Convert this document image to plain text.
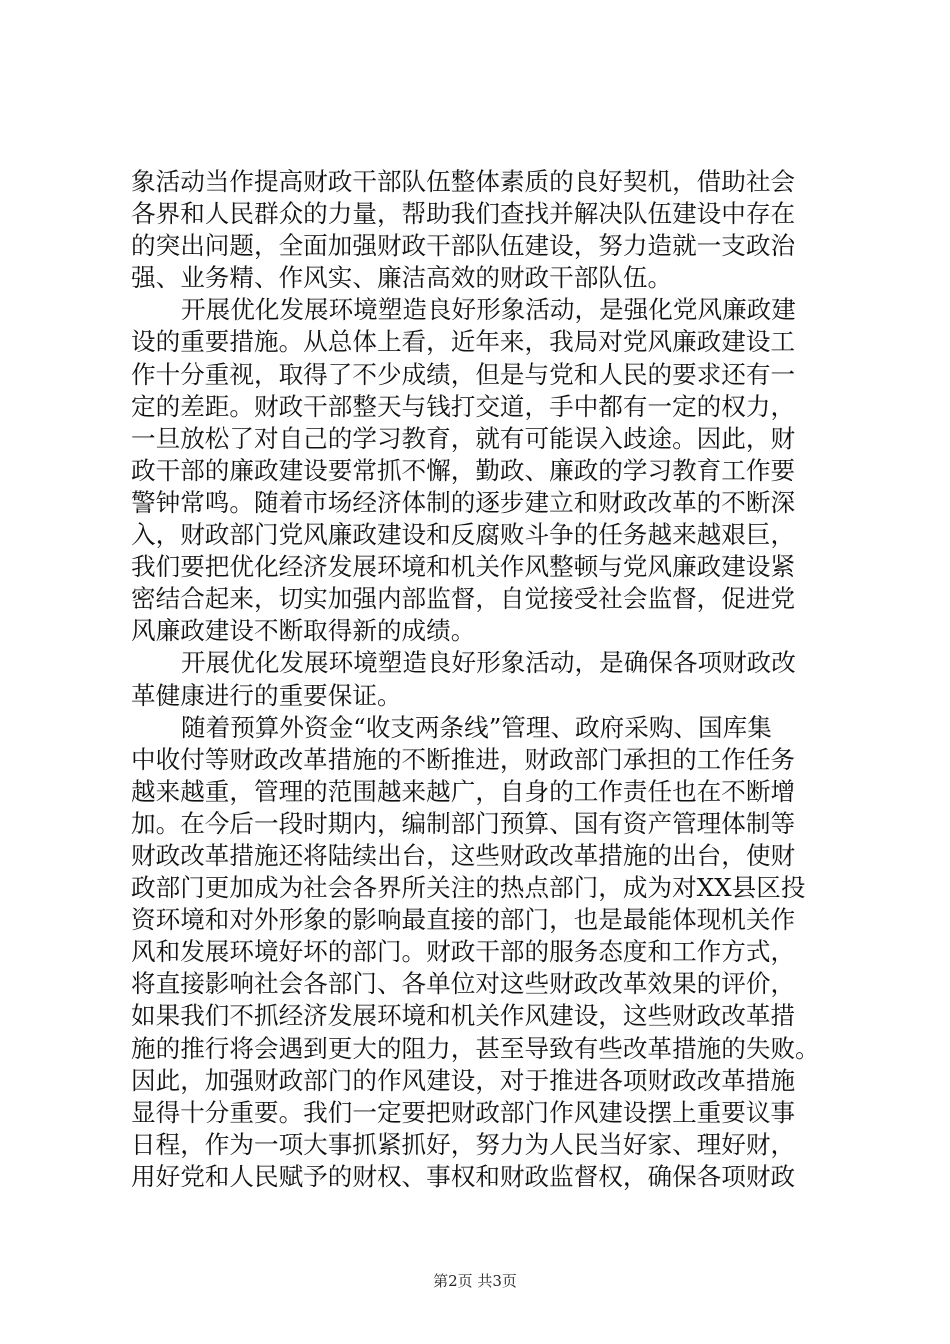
象活动当作提高财政干部队伍整体素质的良好契机，借助社会
各界和人民群众的力量，帮助我们查找并解决队伍建设中存在
的突出问题，全面加强财政干部队伍建设，努力造就一支政治
强、业务精、作风实、廉洁高效的财政干部队伍。
开展优化发展环境塑造良好形象活动，是强化党风廉政建
设的重要措施。从总体上看，近年来，我局对党风廉政建设工
作十分重视，取得了不少成绩，但是与党和人民的要求还有一
定的差距。财政干部整天与钱打交道，手中都有一定的权力，
一旦放松了对自己的学习教育，就有可能误入歧途。因此，财
政干部的廉政建设要常抓不懈，勤政、廉政的学习教育工作要
警钟常鸣。随着市场经济体制的逐步建立和财政改革的不断深
入，财政部门党风廉政建设和反腐败斗争的任务越来越艰巨，
我们要把优化经济发展环境和机关作风整顿与党风廉政建设紧
密结合起来，切实加强内部监督，自觉接受社会监督，促进党
风廉政建设不断取得新的成绩。
开展优化发展环境塑造良好形象活动，是确保各项财政改
革健康进行的重要保证。
随着预算外资金“收支两条线”管理、政府采购、国库集
中收付等财政改革措施的不断推进，财政部门承担的工作任务
越来越重，管理的范围越来越广，自身的工作责任也在不断增
加。在今后一段时期内，编制部门预算、国有资产管理体制等
财政改革措施还将陆续出台，这些财政改革措施的出台，使财
政部门更加成为社会各界所关注的热点部门，成为对XX县区投
资环境和对外形象的影响最直接的部门，也是最能体现机关作
风和发展环境好坏的部门。财政干部的服务态度和工作方式，
将直接影响社会各部门、各单位对这些财政改革效果的评价，
如果我们不抓经济发展环境和机关作风建设，这些财政改革措
施的推行将会遇到更大的阻力，甚至导致有些改革措施的失败。
因此，加强财政部门的作风建设，对于推进各项财政改革措施
显得十分重要。我们一定要把财政部门作风建设摆上重要议事
日程，作为一项大事抓紧抓好，努力为人民当好家、理好财，
用好党和人民赋予的财权、事权和财政监督权，确保各项财政
第2页 共3页
